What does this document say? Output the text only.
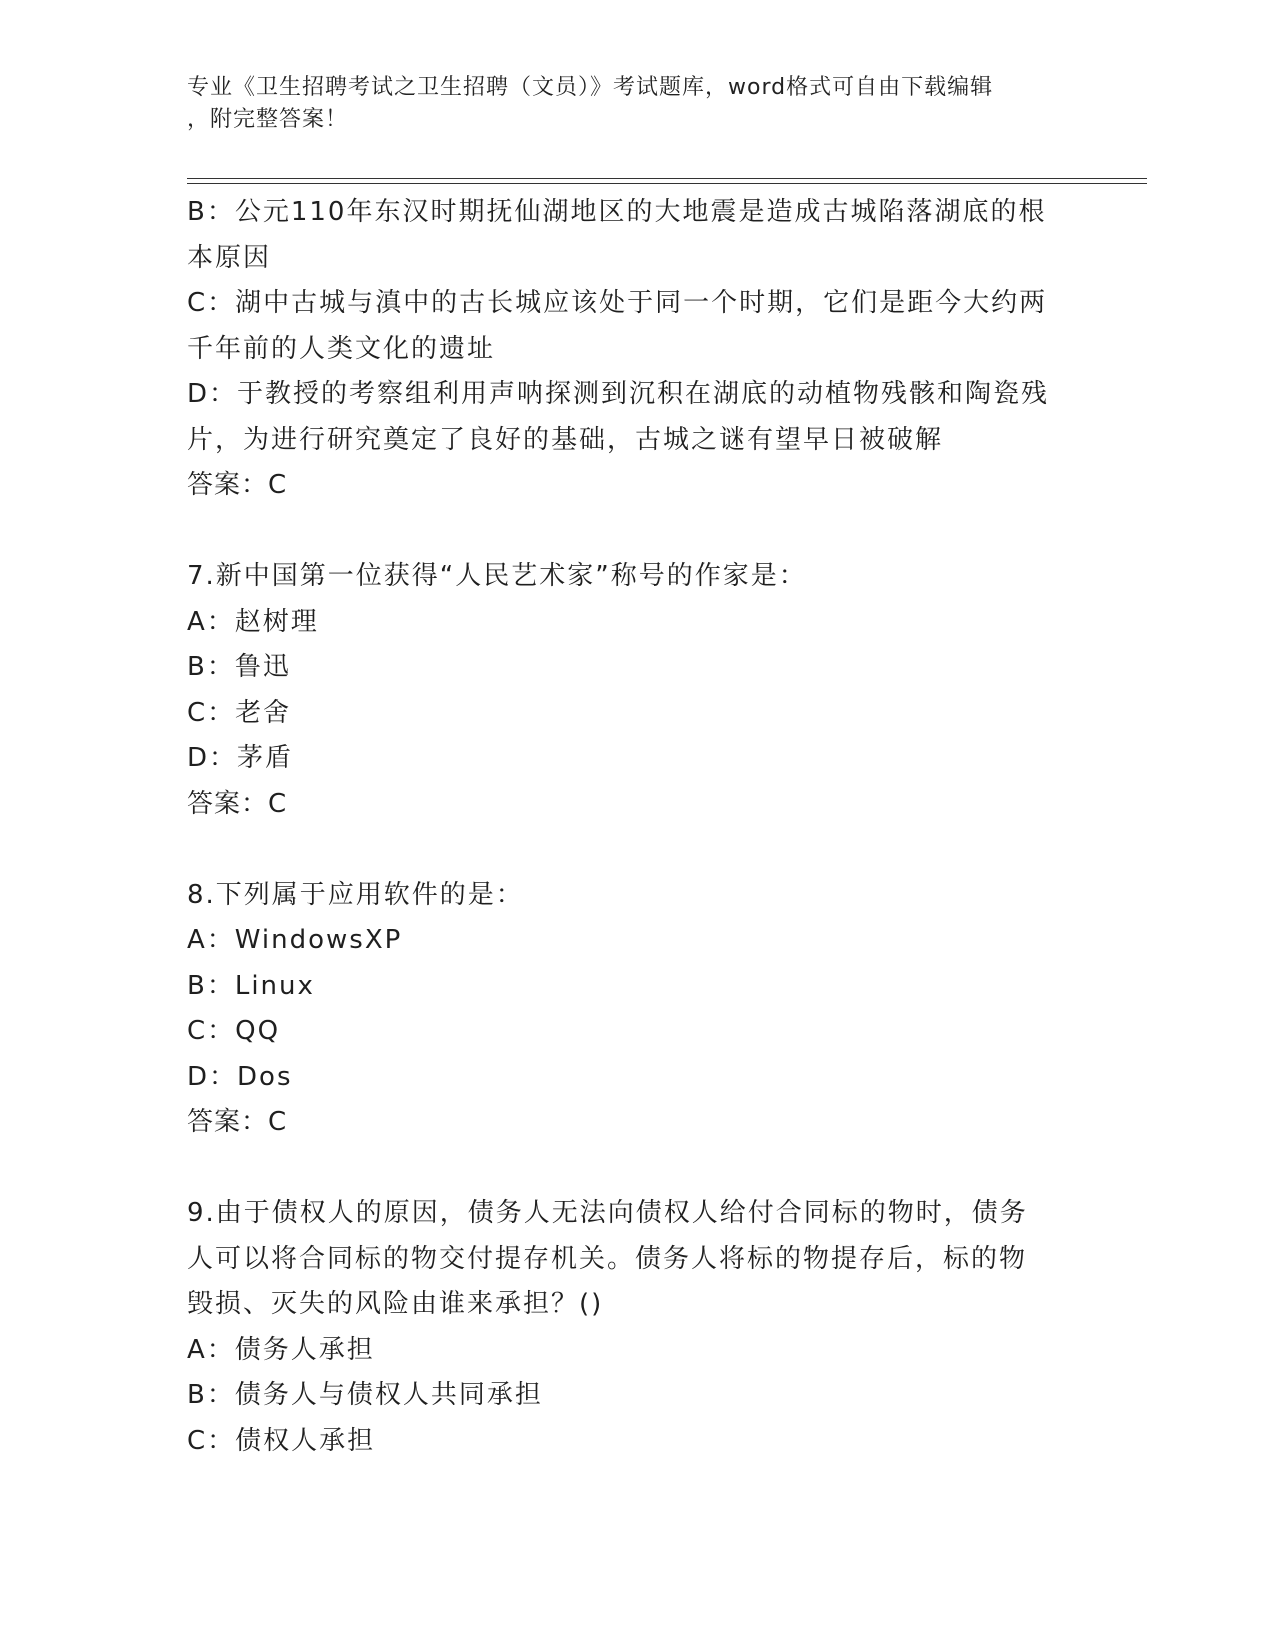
专业《卫生招聘考试之卫生招聘（文员）》考试题库，word格式可自由下载编辑
，附完整答案！
B：公元110年东汉时期抚仙湖地区的大地震是造成古城陷落湖底的根
本原因
C：湖中古城与滇中的古长城应该处于同一个时期，它们是距今大约两
千年前的人类文化的遗址
D：于教授的考察组利用声呐探测到沉积在湖底的动植物残骸和陶瓷残
片，为进行研究奠定了良好的基础，古城之谜有望早日被破解
答案：C
7.新中国第一位获得“人民艺术家”称号的作家是：
A：赵树理
B：鲁迅
C：老舍
D：茅盾
答案：C
8.下列属于应用软件的是：
A：WindowsXP
B：Linux
C：QQ
D：Dos
答案：C
9.由于债权人的原因，债务人无法向债权人给付合同标的物时，债务
人可以将合同标的物交付提存机关。债务人将标的物提存后，标的物
毁损、灭失的风险由谁来承担？()
A：债务人承担
B：债务人与债权人共同承担
C：债权人承担
